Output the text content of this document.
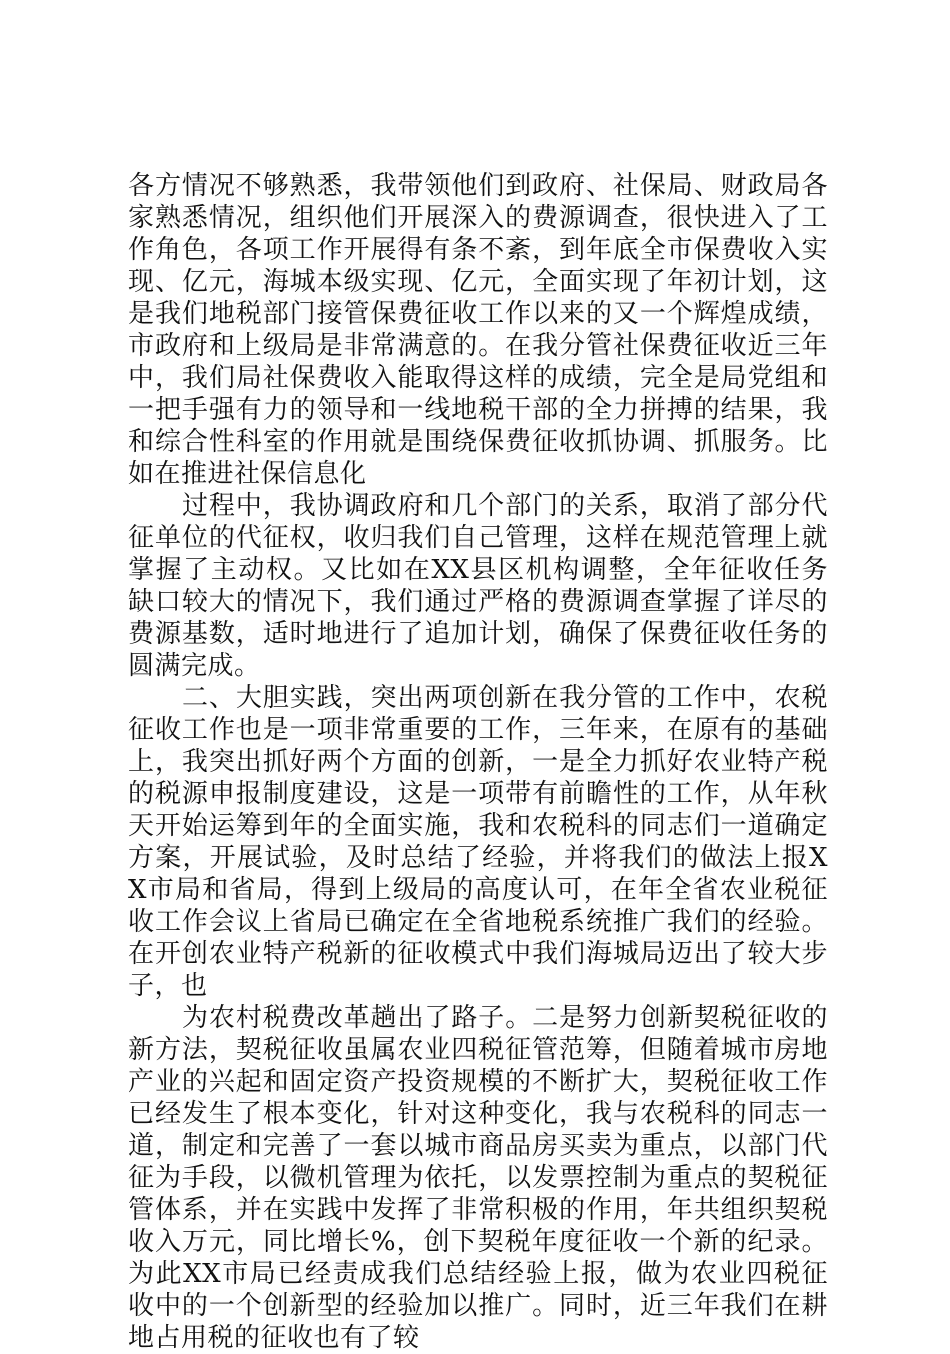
各方情况不够熟悉，我带领他们到政府、社保局、财政局各家熟悉情况，组织他们开展深入的费源调查，很快进入了工作角色，各项工作开展得有条不紊，到年底全市保费收入实现、亿元，海城本级实现、亿元，全面实现了年初计划，这是我们地税部门接管保费征收工作以来的又一个辉煌成绩，市政府和上级局是非常满意的。在我分管社保费征收近三年中，我们局社保费收入能取得这样的成绩，完全是局党组和一把手强有力的领导和一线地税干部的全力拼搏的结果，我和综合性科室的作用就是围绕保费征收抓协调、抓服务。比如在推进社保信息化

过程中，我协调政府和几个部门的关系，取消了部分代征单位的代征权，收归我们自己管理，这样在规范管理上就掌握了主动权。又比如在XX县区机构调整，全年征收任务缺口较大的情况下，我们通过严格的费源调查掌握了详尽的费源基数，适时地进行了追加计划，确保了保费征收任务的圆满完成。

二、大胆实践，突出两项创新在我分管的工作中，农税征收工作也是一项非常重要的工作，三年来，在原有的基础上，我突出抓好两个方面的创新，一是全力抓好农业特产税的税源申报制度建设，这是一项带有前瞻性的工作，从年秋天开始运筹到年的全面实施，我和农税科的同志们一道确定方案，开展试验，及时总结了经验，并将我们的做法上报XX市局和省局，得到上级局的高度认可，在年全省农业税征收工作会议上省局已确定在全省地税系统推广我们的经验。在开创农业特产税新的征收模式中我们海城局迈出了较大步子，也

为农村税费改革趟出了路子。二是努力创新契税征收的新方法，契税征收虽属农业四税征管范筹，但随着城市房地产业的兴起和固定资产投资规模的不断扩大，契税征收工作已经发生了根本变化，针对这种变化，我与农税科的同志一道，制定和完善了一套以城市商品房买卖为重点，以部门代征为手段，以微机管理为依托，以发票控制为重点的契税征管体系，并在实践中发挥了非常积极的作用，年共组织契税收入万元，同比增长%，创下契税年度征收一个新的纪录。为此XX市局已经责成我们总结经验上报，做为农业四税征收中的一个创新型的经验加以推广。同时，近三年我们在耕地占用税的征收也有了较
